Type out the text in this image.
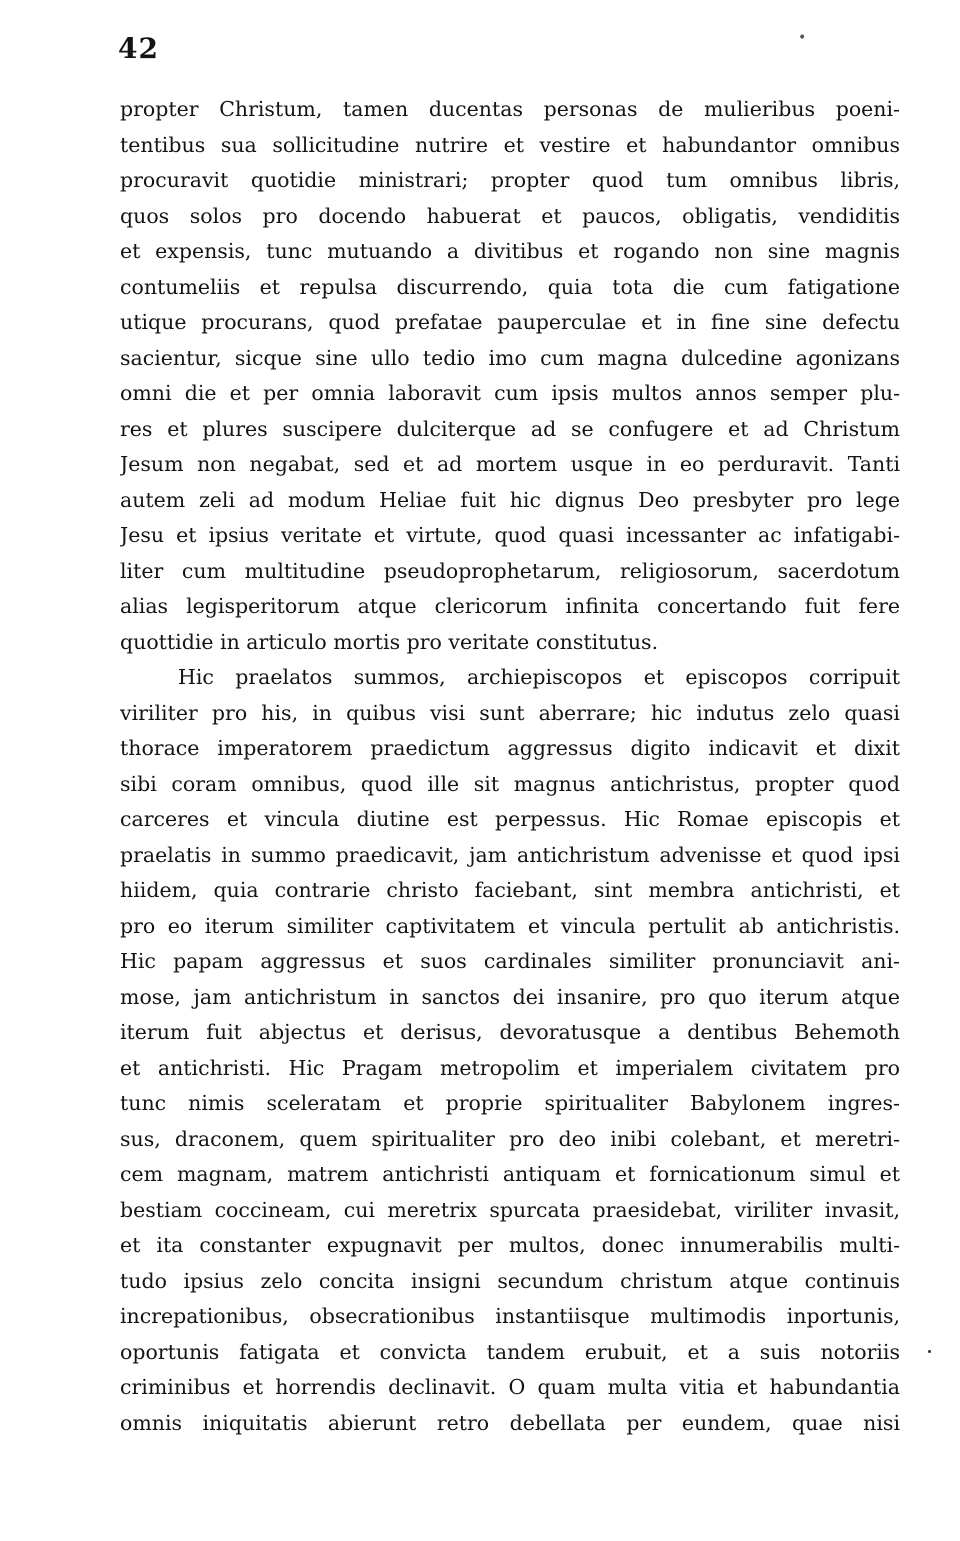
42	•
propter Christum, tamen ducentas personas de mulieribus poeni-
tentibus sua sollicitudine nutrire et vestire et habundantor omnibus
procuravit quotidie ministrari; propter quod tum omnibus libris,
quos solos pro docendo habuerat et paucos, obligatis, vendiditis
et expensis, tunc mutuando a divitibus et rogando non sine magnis
contumeliis et repulsa discurrendo, quia tota die cum fatigatione
utique procurans, quod prefatae pauperculae et in fine sine defectu
sacientur, sicque sine ullo tedio imo cum magna dulcedine agonizans
omni die et per omnia laboravit cum ipsis multos annos semper plu-
res et plures suscipere dulciterque ad se confugere et ad Christum
Jesum non negabat, sed et ad mortem usque in eo perduravit. Tanti
autem zeli ad modum Heliae fuit hic dignus Deo presbyter pro lege
Jesu et ipsius veritate et virtute, quod quasi incessanter ac infatigabi-
liter cum multitudine pseudoprophetarum, religiosorum, sacerdotum
alias legisperitorum atque clericorum infinita concertando fuit fere
quottidie in articulo mortis pro veritate constitutus.
Hic praelatos summos, archiepiscopos et episcopos corripuit
viriliter pro his, in quibus visi sunt aberrare; hic indutus zelo quasi
thorace imperatorem praedictum aggressus digito indicavit et dixit
sibi coram omnibus, quod ille sit magnus antichristus, propter quod
carceres et vincula diutine est perpessus. Hic Romae episcopis et
praelatis in summo praedicavit, jam antichristum advenisse et quod ipsi
hiidem, quia contrarie christo faciebant, sint membra antichristi, et
pro eo iterum similiter captivitatem et vincula pertulit ab antichristis.
Hic papam aggressus et suos cardinales similiter pronunciavit ani-
mose, jam antichristum in sanctos dei insanire, pro quo iterum atque
iterum fuit abjectus et derisus, devoratusque a dentibus Behemoth
et antichristi. Hic Pragam metropolim et imperialem civitatem pro
tunc nimis sceleratam et proprie spiritualiter Babylonem ingres-
sus, draconem, quem spiritualiter pro deo inibi colebant, et meretri-
cem magnam, matrem antichristi antiquam et fornicationum simul et
bestiam coccineam, cui meretrix spurcata praesidebat, viriliter invasit,
et ita constanter expugnavit per multos, donec innumerabilis multi-
tudo ipsius zelo concita insigni secundum christum atque continuis
increpationibus, obsecrationibus instantiisque multimodis inportunis,
oportunis fatigata et convicta tandem erubuit, et a suis notoriis
criminibus et horrendis declinavit. O quam multa vitia et habundantia
omnis iniquitatis abierunt retro debellata per eundem, quae nisi
